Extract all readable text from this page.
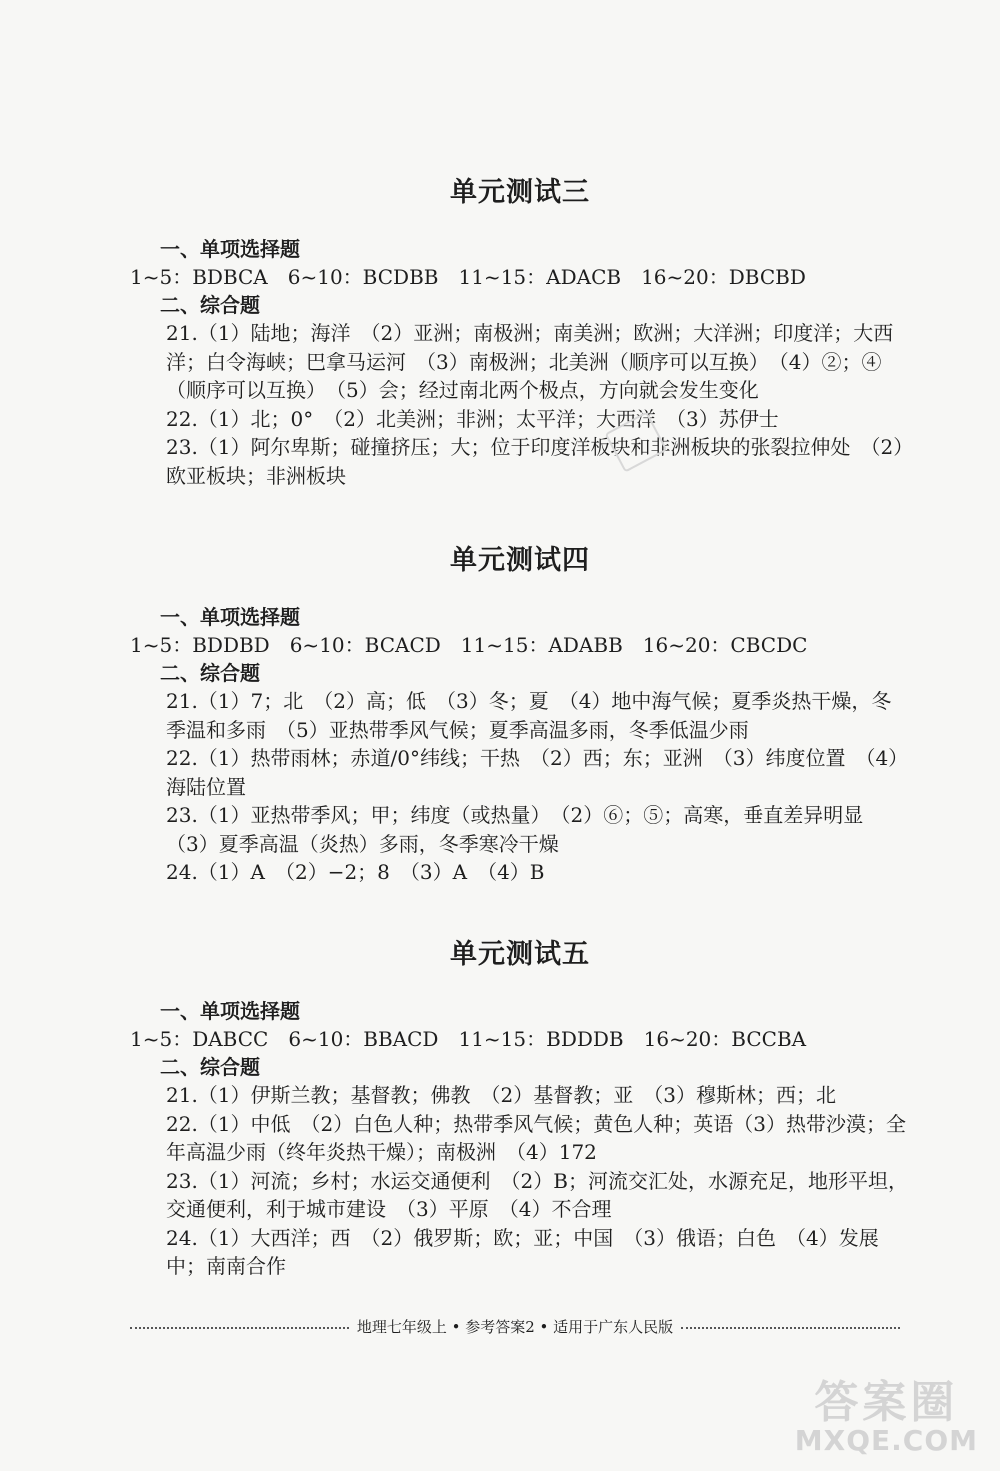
单元测试三
一、单项选择题
1~5：BDBCA　6~10：BCDBB　11~15：ADACB　16~20：DBCBD
二、综合题
21.（1）陆地；海洋　（2）亚洲；南极洲；南美洲；欧洲；大洋洲；印度洋；大西洋；白令海峡；巴拿马运河　（3）南极洲；北美洲（顺序可以互换）　（4）②；④（顺序可以互换）　（5）会；经过南北两个极点，方向就会发生变化
22.（1）北；0°　（2）北美洲；非洲；太平洋；大西洋　（3）苏伊士
23.（1）阿尔卑斯；碰撞挤压；大；位于印度洋板块和非洲板块的张裂拉伸处　（2）欧亚板块；非洲板块
单元测试四
一、单项选择题
1~5：BDDBD　6~10：BCACD　11~15：ADABB　16~20：CBCDC
二、综合题
21.（1）7；北　（2）高；低　（3）冬；夏　（4）地中海气候；夏季炎热干燥，冬季温和多雨　（5）亚热带季风气候；夏季高温多雨，冬季低温少雨
22.（1）热带雨林；赤道/0°纬线；干热　（2）西；东；亚洲　（3）纬度位置　（4）海陆位置
23.（1）亚热带季风；甲；纬度（或热量）　（2）⑥；⑤；高寒，垂直差异明显　（3）夏季高温（炎热）多雨，冬季寒冷干燥
24.（1）A　（2）−2；8　（3）A　（4）B
单元测试五
一、单项选择题
1~5：DABCC　6~10：BBACD　11~15：BDDDB　16~20：BCCBA
二、综合题
21.（1）伊斯兰教；基督教；佛教　（2）基督教；亚　（3）穆斯林；西；北
22.（1）中低　（2）白色人种；热带季风气候；黄色人种；英语（3）热带沙漠；全年高温少雨（终年炎热干燥）；南极洲　（4）172
23.（1）河流；乡村；水运交通便利　（2）B；河流交汇处，水源充足，地形平坦，交通便利，利于城市建设　（3）平原　（4）不合理
24.（1）大西洋；西　（2）俄罗斯；欧；亚；中国　（3）俄语；白色　（4）发展中；南南合作
地理七年级上 • 参考答案2 • 适用于广东人民版
答案圈
MXQE.COM
